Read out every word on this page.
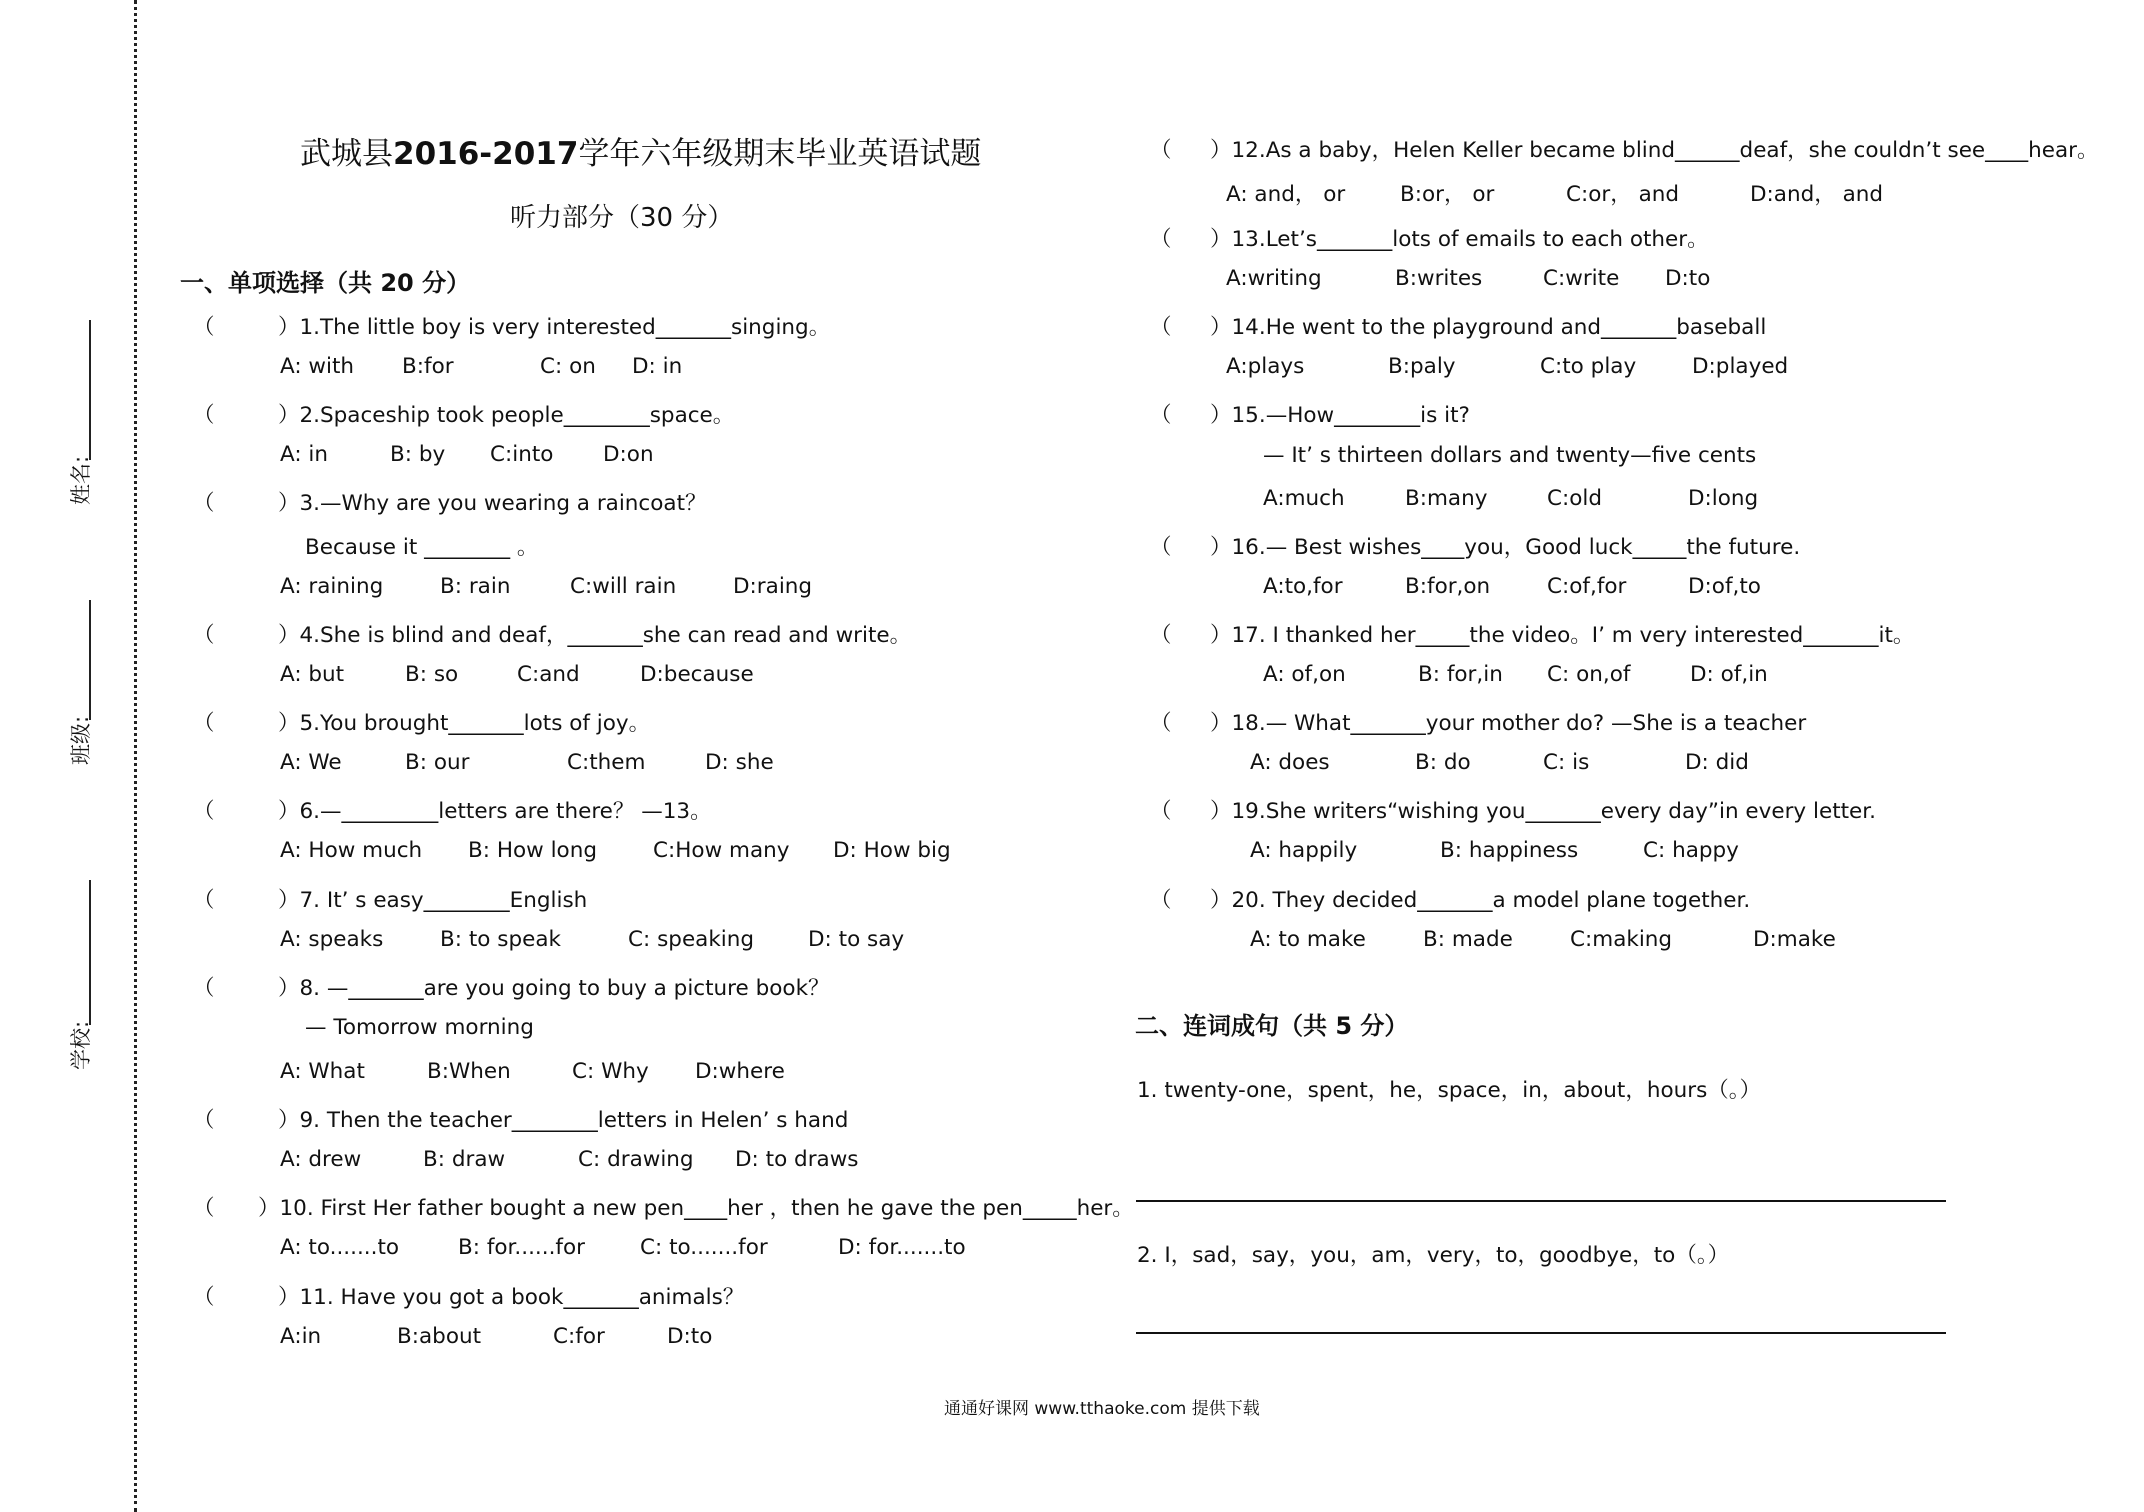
姓名:
班级:
学校:
武城县2016-2017学年六年级期末毕业英语试题
听力部分（30 分）
一、单项选择（共 20 分）
二、连词成句（共 5 分）
（	）1.The little boy is very interested_______singing。
A: with B:for	C: on D: in
（	）2.Spaceship took people________space。
A: in	B: by C:into D:on
（	）3.—Why are you wearing a raincoat？
Because it ________ 。
A: raining	B: rain	C:will rain	D:raing
（	）4.She is blind and deaf，_______she can read and write。
A: but	B: so	C:and	D:because
（	）5.You brought_______lots of joy。
A: We	B: our	C:them	D: she
（	）6.—_________letters are there？ —13。
A: How much B: How long	C:How many D: How big
（	）7. It’ s easy________English
A: speaks	B: to speak	C: speaking	D: to say
（	）8. —_______are you going to buy a picture book？
— Tomorrow morning
A: What	B:When	C: Why D:where
（	）9. Then the teacher________letters in Helen’ s hand
A: drew	B: draw	C: drawing D: to draws
（ ）10. First Her father bought a new pen____her ，then he gave the pen_____her。
A: to.......to	B: for......for	C: to.......for	D: for.......to
（	）11. Have you got a book_______animals？
A:in	B:about	C:for	D:to
（ ）12.As a baby，Helen Keller became blind______deaf，she couldn’t see____hear。
A: and， or	B:or， or	C:or， and	D:and， and
（ ）13.Let’s_______lots of emails to each other。
A:writing	B:writes	C:write D:to
（ ）14.He went to the playground and_______baseball
A:plays	B:paly	C:to play	D:played
（ ）15.—How________is it?
— It’ s thirteen dollars and twenty—five cents
A:much	B:many	C:old	D:long
（ ）16.— Best wishes____you，Good luck_____the future.
A:to,for	B:for,on	C:of,for	D:of,to
（ ）17. I thanked her_____the video。I’ m very interested_______it。
A: of,on	B: for,in C: on,of	D: of,in
（ ）18.— What_______your mother do? —She is a teacher
A: does	B: do	C: is	D: did
（ ）19.She writers“wishing you_______every day”in every letter.
A: happily	B: happiness	C: happy
（ ）20. They decided_______a model plane together.
A: to make	B: made	C:making	D:make
1. twenty-one，spent，he，space，in，about，hours（。）
2. I，sad，say，you，am，very，to，goodbye，to（。）
通通好课网 www.tthaoke.com 提供下载
